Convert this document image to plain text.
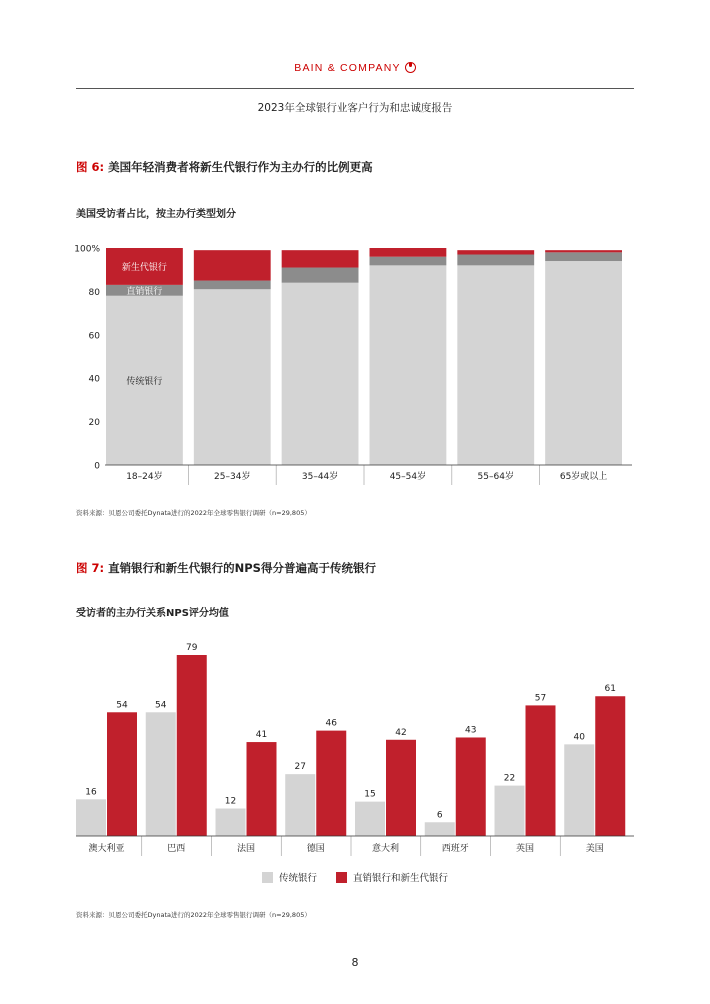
BAIN & COMPANY
2023年全球银行业客户行为和忠诚度报告
图 6: 美国年轻消费者将新生代银行作为主办行的比例更高
美国受访者占比，按主办行类型划分
0
20
40
60
80
100%
18–24岁	25–34岁	35–44岁	45–54岁	55–64岁	65岁或以上
传统银行
直销银行
新生代银行
资料来源：贝恩公司委托Dynata进行的2022年全球零售银行调研（n=29,805）
图 7: 直销银行和新生代银行的NPS得分普遍高于传统银行
受访者的主办行关系NPS评分均值
16
54
澳大利亚
54
79
巴西
12
41
法国
27
46
德国
15
42
意大利
6
43
西班牙
22
57
英国
40
61
美国
传统银行
	直销银行和新生代银行
资料来源：贝恩公司委托Dynata进行的2022年全球零售银行调研（n=29,805）
8
